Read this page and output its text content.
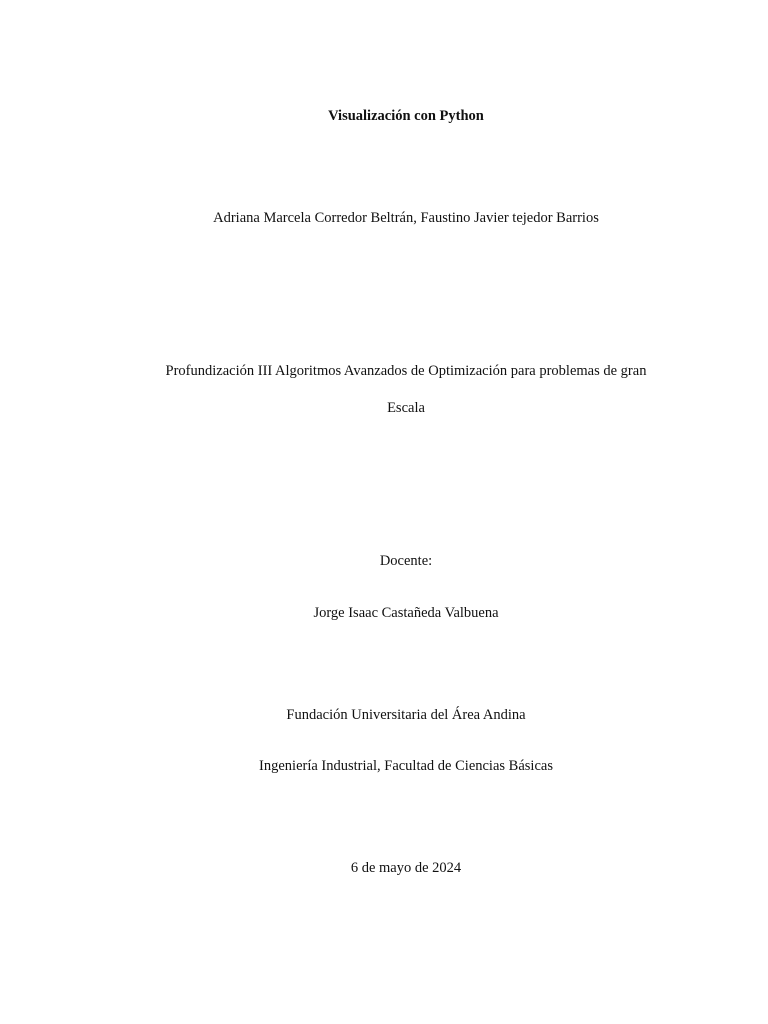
Visualización con Python
Adriana Marcela Corredor Beltrán, Faustino Javier tejedor Barrios
Profundización III Algoritmos Avanzados de Optimización para problemas de gran
Escala
Docente:
Jorge Isaac Castañeda Valbuena
Fundación Universitaria del Área Andina
Ingeniería Industrial, Facultad de Ciencias Básicas
6 de mayo de 2024
